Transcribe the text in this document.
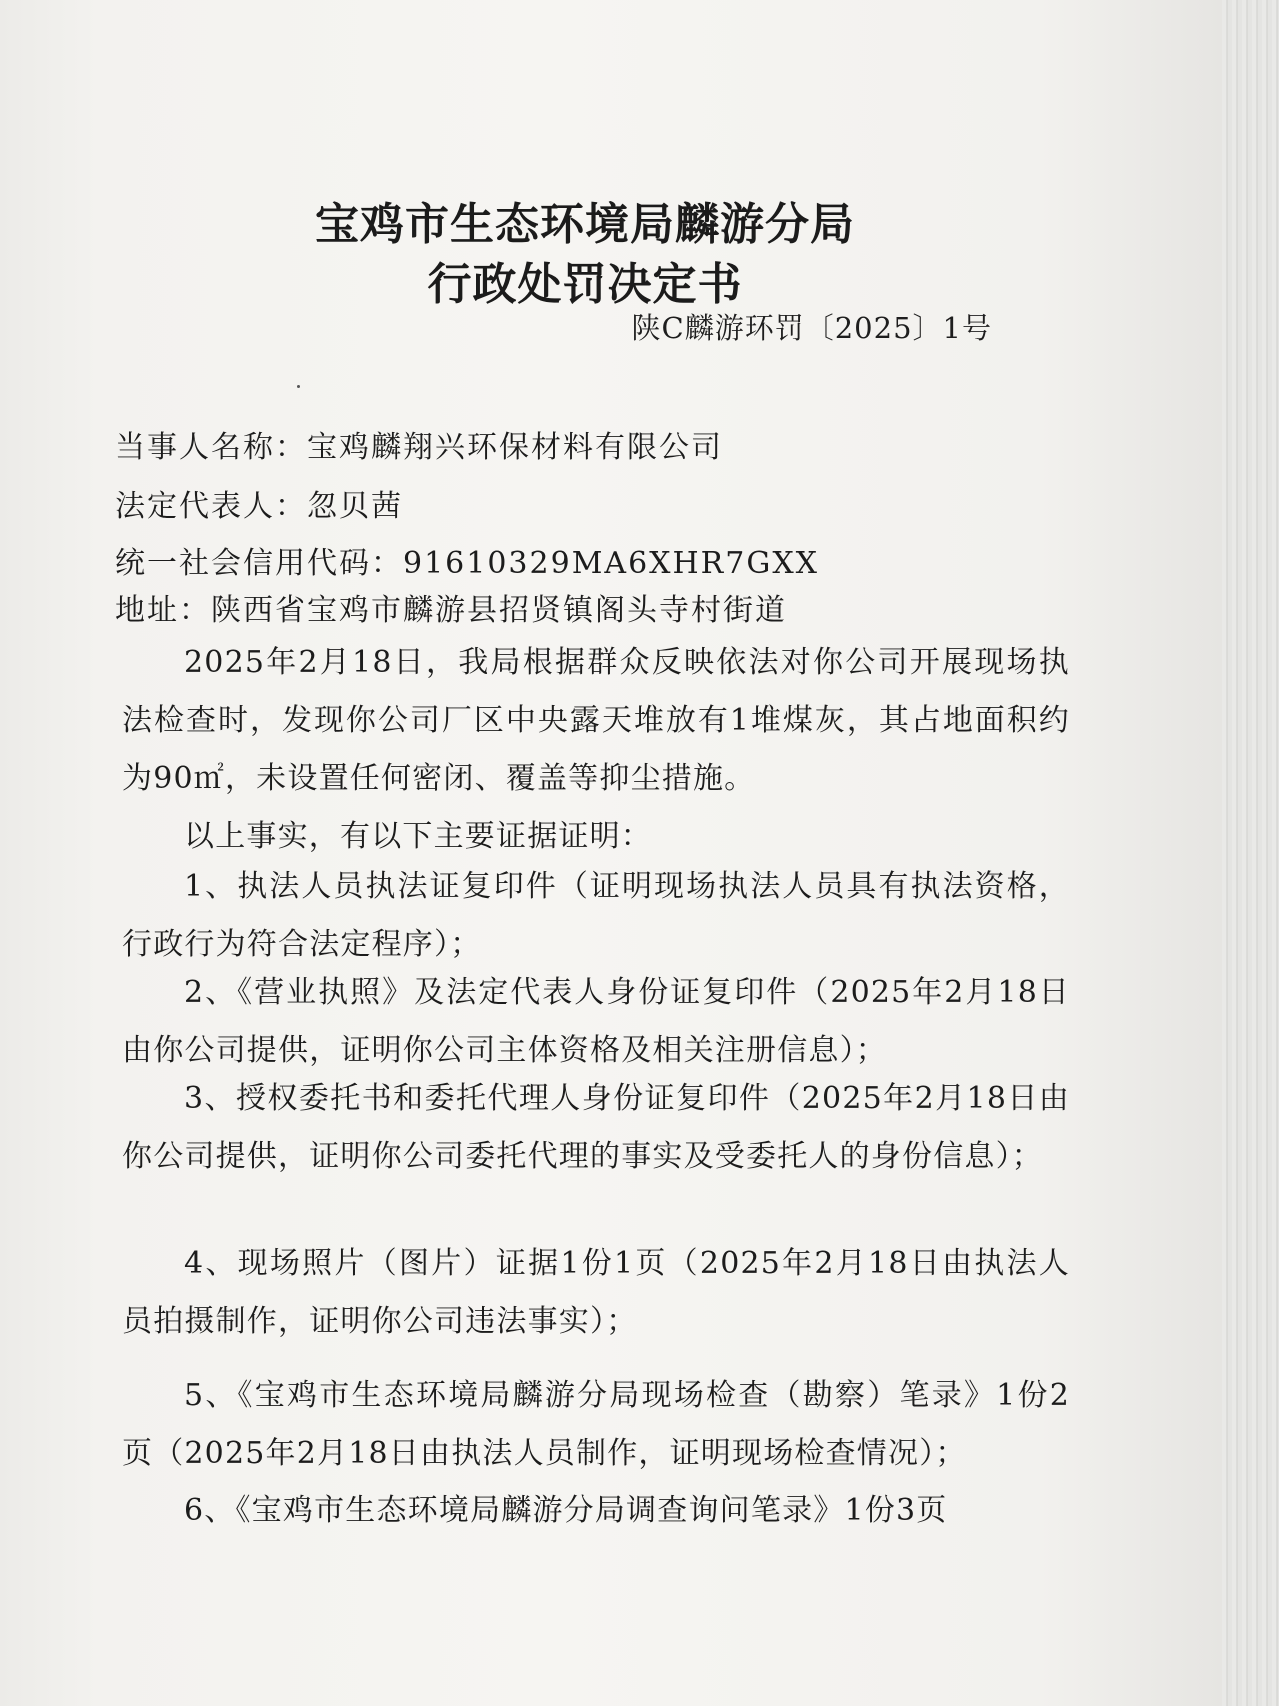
宝鸡市生态环境局麟游分局
行政处罚决定书
陕C麟游环罚〔2025〕1号
当事人名称：宝鸡麟翔兴环保材料有限公司
法定代表人：忽贝茜
统一社会信用代码：91610329MA6XHR7GXX
地址：陕西省宝鸡市麟游县招贤镇阁头寺村街道

2025年2月18日，我局根据群众反映依法对你公司开展现场执法检查时，发现你公司厂区中央露天堆放有1堆煤灰，其占地面积约为90㎡，未设置任何密闭、覆盖等抑尘措施。

以上事实，有以下主要证据证明：

1、执法人员执法证复印件（证明现场执法人员具有执法资格，行政行为符合法定程序）；

2、《营业执照》及法定代表人身份证复印件（2025年2月18日由你公司提供，证明你公司主体资格及相关注册信息）；

3、授权委托书和委托代理人身份证复印件（2025年2月18日由你公司提供，证明你公司委托代理的事实及受委托人的身份信息）；

4、现场照片（图片）证据1份1页（2025年2月18日由执法人员拍摄制作，证明你公司违法事实）；

5、《宝鸡市生态环境局麟游分局现场检查（勘察）笔录》1份2页（2025年2月18日由执法人员制作，证明现场检查情况）；

6、《宝鸡市生态环境局麟游分局调查询问笔录》1份3页
